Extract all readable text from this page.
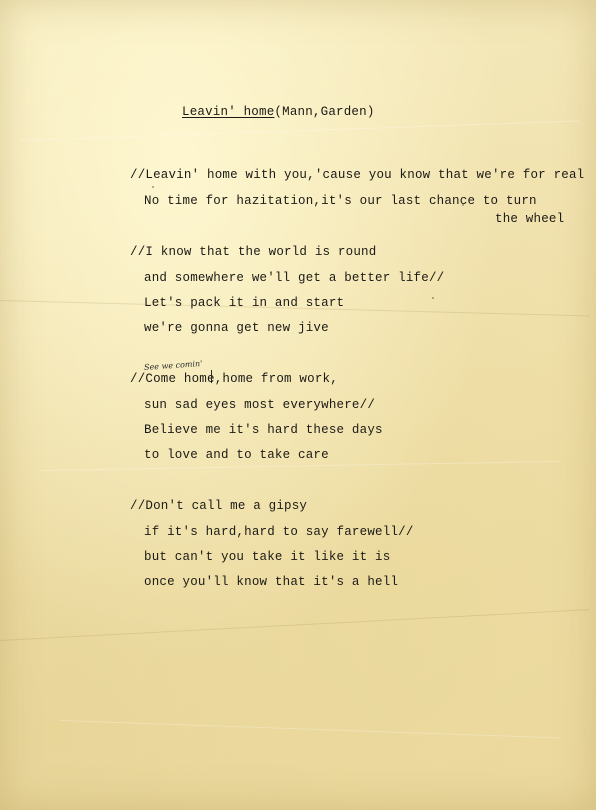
Leavin' home(Mann,Garden)
//Leavin' home with you,'cause you know that we're for real
No time for hazitation,it's our last chance to turn
the wheel
//I know that the world is round
and somewhere we'll get a better life//
Let's pack it in and start
we're gonna get new jive
See we comin'
//Come home,home from work,
sun sad eyes most everywhere//
Believe me it's hard these days
to love and to take care
//Don't call me a gipsy
if it's hard,hard to say farewell//
but can't you take it like it is
once you'll know that it's a hell
